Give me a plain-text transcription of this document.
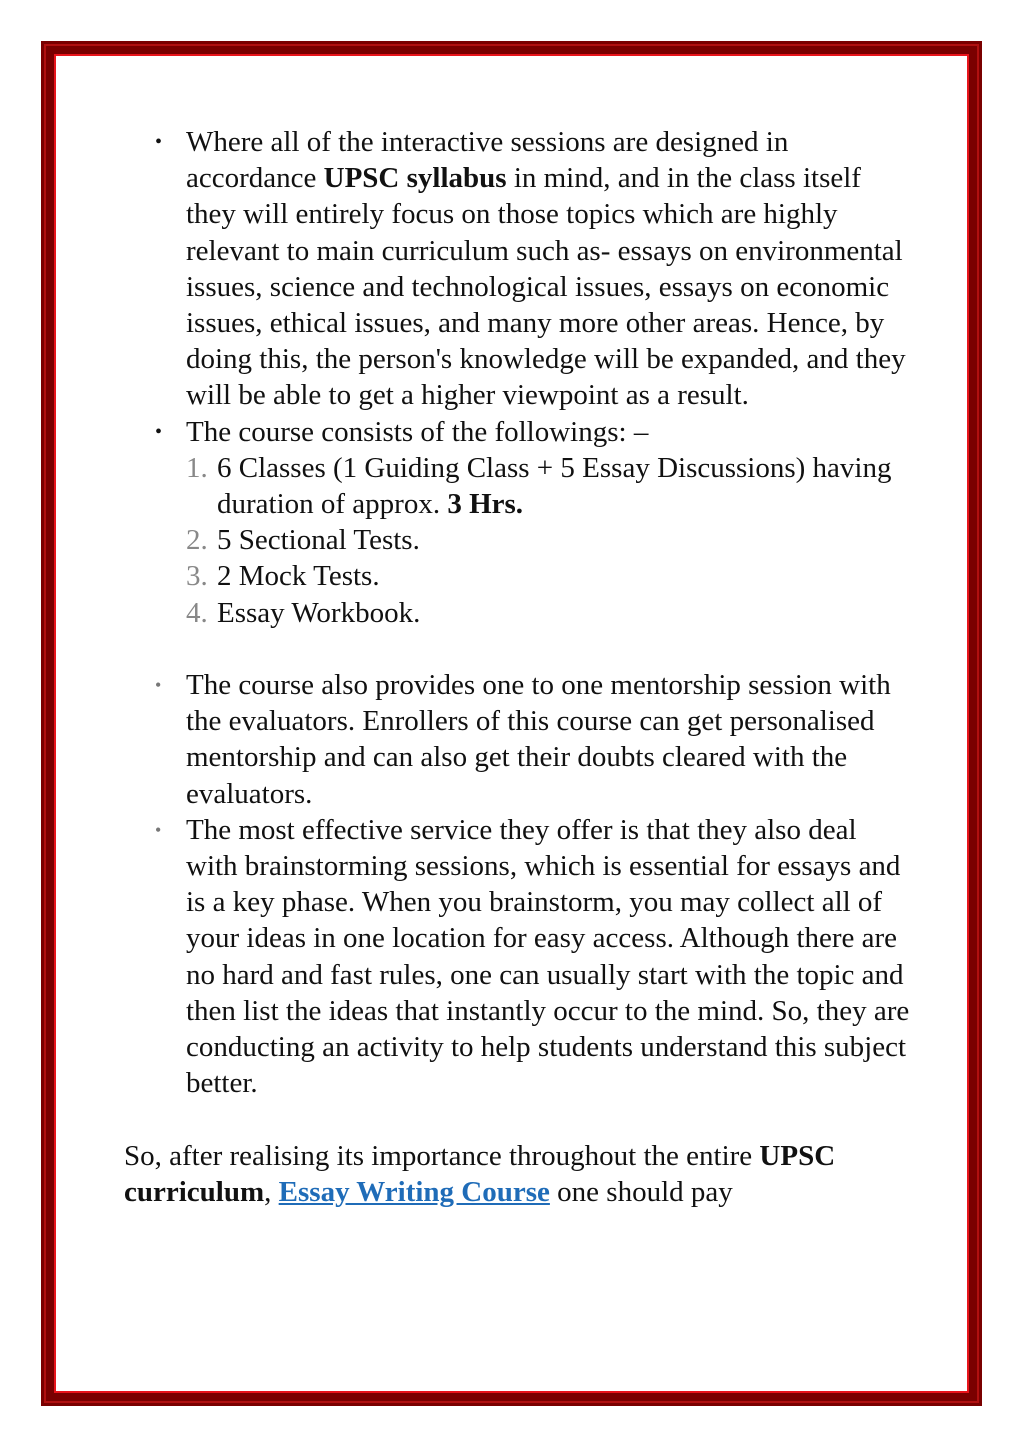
• Where all of the interactive sessions are designed in accordance UPSC syllabus in mind, and in the class itself they will entirely focus on those topics which are highly relevant to main curriculum such as- essays on environmental issues, science and technological issues, essays on economic issues, ethical issues, and many more other areas. Hence, by doing this, the person's knowledge will be expanded, and they will be able to get a higher viewpoint as a result.
• The course consists of the followings: –
1. 6 Classes (1 Guiding Class + 5 Essay Discussions) having duration of approx. 3 Hrs.
2. 5 Sectional Tests.
3. 2 Mock Tests.
4. Essay Workbook.
• The course also provides one to one mentorship session with the evaluators. Enrollers of this course can get personalised mentorship and can also get their doubts cleared with the evaluators.
• The most effective service they offer is that they also deal with brainstorming sessions, which is essential for essays and is a key phase. When you brainstorm, you may collect all of your ideas in one location for easy access. Although there are no hard and fast rules, one can usually start with the topic and then list the ideas that instantly occur to the mind. So, they are conducting an activity to help students understand this subject better.

So, after realising its importance throughout the entire UPSC curriculum, Essay Writing Course one should pay
